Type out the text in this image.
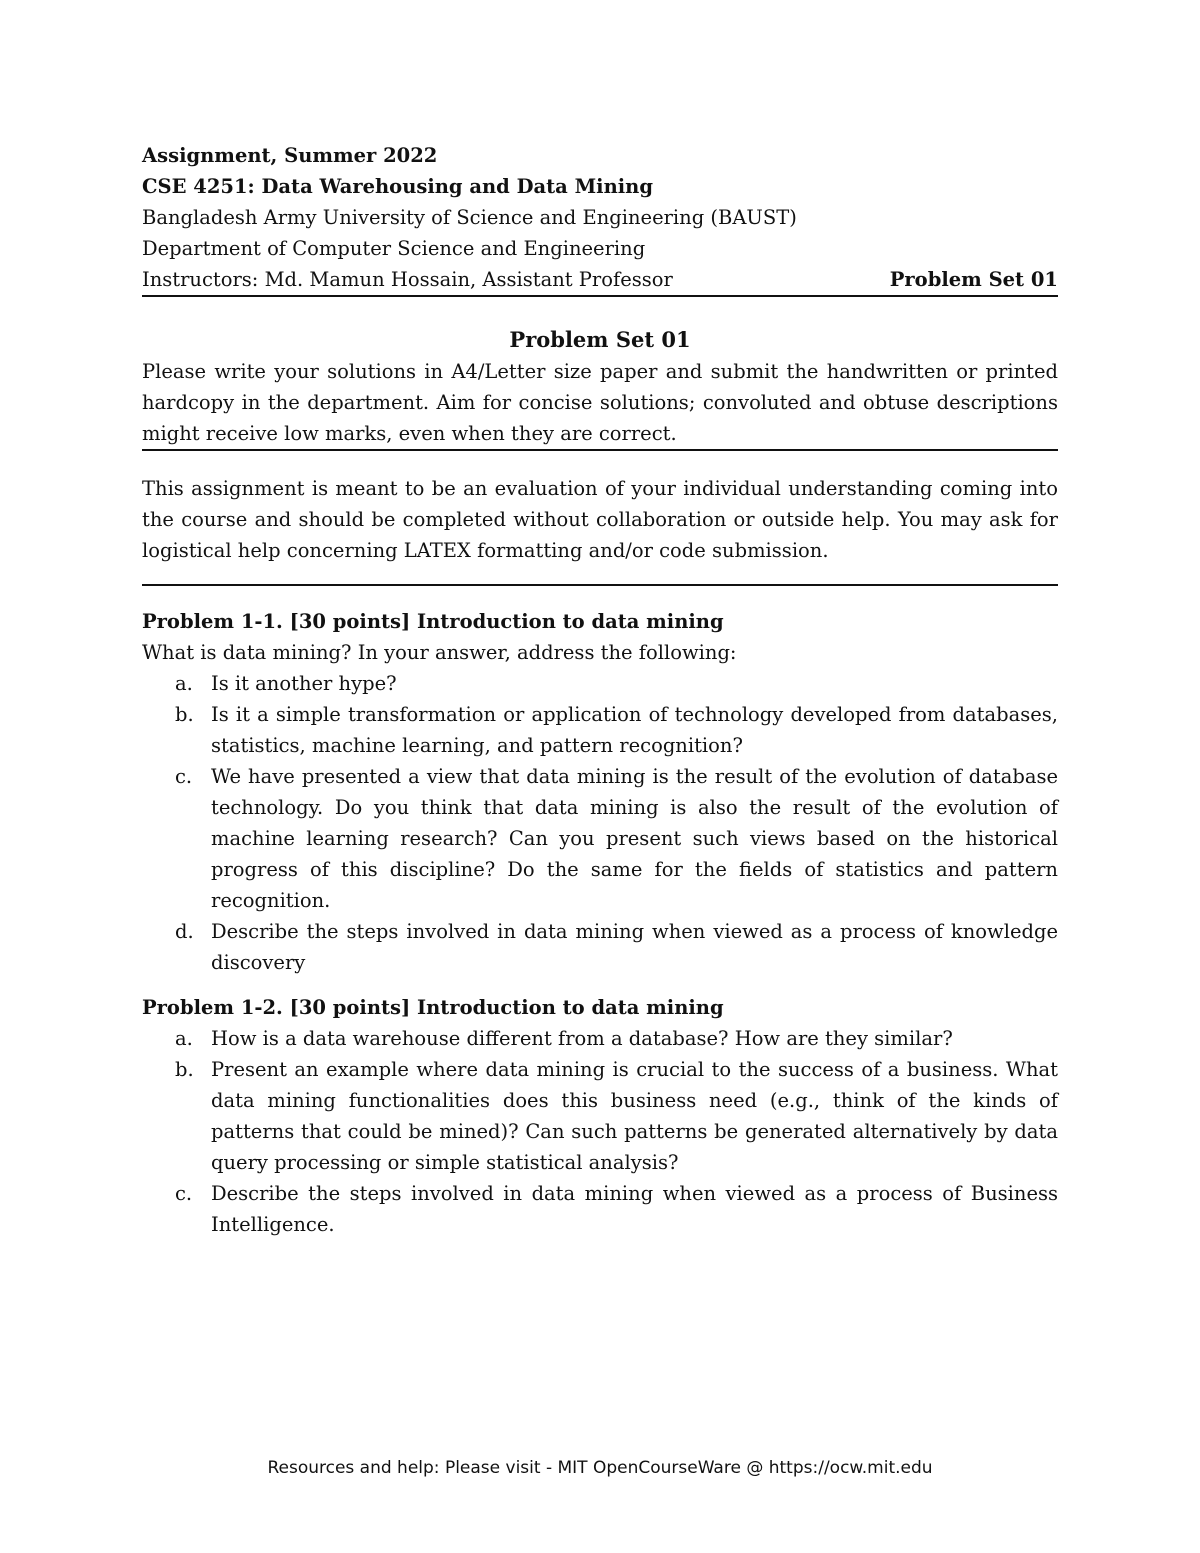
Assignment, Summer 2022

CSE 4251: Data Warehousing and Data Mining

Bangladesh Army University of Science and Engineering (BAUST)

Department of Computer Science and Engineering

Instructors: Md. Mamun Hossain, Assistant Professor	Problem Set 01

Problem Set 01

Please write your solutions in A4/Letter size paper and submit the handwritten or printed hardcopy in the department. Aim for concise solutions; convoluted and obtuse descriptions might receive low marks, even when they are correct.

This assignment is meant to be an evaluation of your individual understanding coming into the course and should be completed without collaboration or outside help. You may ask for logistical help concerning LATEX formatting and/or code submission.

Problem 1-1. [30 points] Introduction to data mining

What is data mining? In your answer, address the following:

a. Is it another hype?
b. Is it a simple transformation or application of technology developed from databases, statistics, machine learning, and pattern recognition?
c. We have presented a view that data mining is the result of the evolution of database technology. Do you think that data mining is also the result of the evolution of machine learning research? Can you present such views based on the historical progress of this discipline? Do the same for the fields of statistics and pattern recognition.
d. Describe the steps involved in data mining when viewed as a process of knowledge discovery

Problem 1-2. [30 points] Introduction to data mining

a. How is a data warehouse different from a database? How are they similar?
b. Present an example where data mining is crucial to the success of a business. What data mining functionalities does this business need (e.g., think of the kinds of patterns that could be mined)? Can such patterns be generated alternatively by data query processing or simple statistical analysis?
c. Describe the steps involved in data mining when viewed as a process of Business Intelligence.
Resources and help: Please visit - MIT OpenCourseWare @ https://ocw.mit.edu
